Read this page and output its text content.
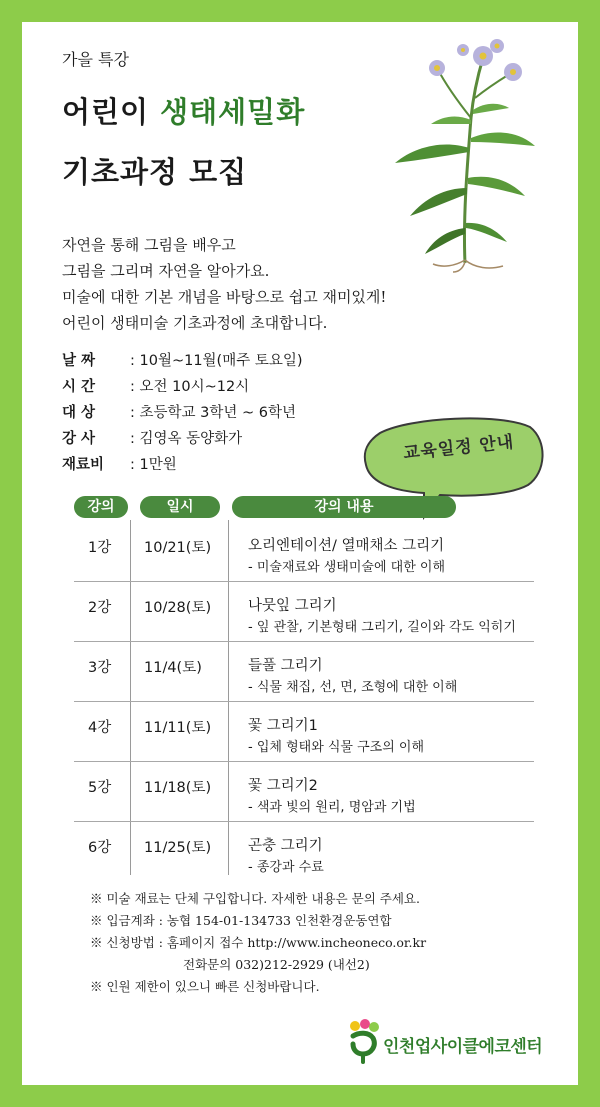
가을 특강
어린이 생태세밀화
기초과정 모집
자연을 통해 그림을 배우고
그림을 그리며 자연을 알아가요.
미술에 대한 기본 개념을 바탕으로 쉽고 재미있게!
어린이 생태미술 기초과정에 초대합니다.
날 짜 : 10월~11월(매주 토요일)
시 간 : 오전 10시~12시
대 상 : 초등학교 3학년 ~ 6학년
강 사 : 김영옥 동양화가
재료비 : 1만원
교육일정 안내
강의	일시	강의 내용
1강 10/21(토)	오리엔테이션/ 열매채소 그리기
- 미술재료와 생태미술에 대한 이해
2강 10/28(토)	나뭇잎 그리기
- 잎 관찰, 기본형태 그리기, 길이와 각도 익히기
3강 11/4(토)	들풀 그리기
- 식물 채집, 선, 면, 조형에 대한 이해
4강 11/11(토)	꽃 그리기1
- 입체 형태와 식물 구조의 이해
5강 11/18(토)	꽃 그리기2
- 색과 빛의 원리, 명암과 기법
6강 11/25(토)	곤충 그리기
- 종강과 수료
※ 미술 재료는 단체 구입합니다. 자세한 내용은 문의 주세요.
※ 입금계좌 : 농협 154-01-134733 인천환경운동연합
※ 신청방법 : 홈페이지 접수 http://www.incheoneco.or.kr
전화문의 032)212-2929 (내선2)
※ 인원 제한이 있으니 빠른 신청바랍니다.
인천업사이클에코센터
